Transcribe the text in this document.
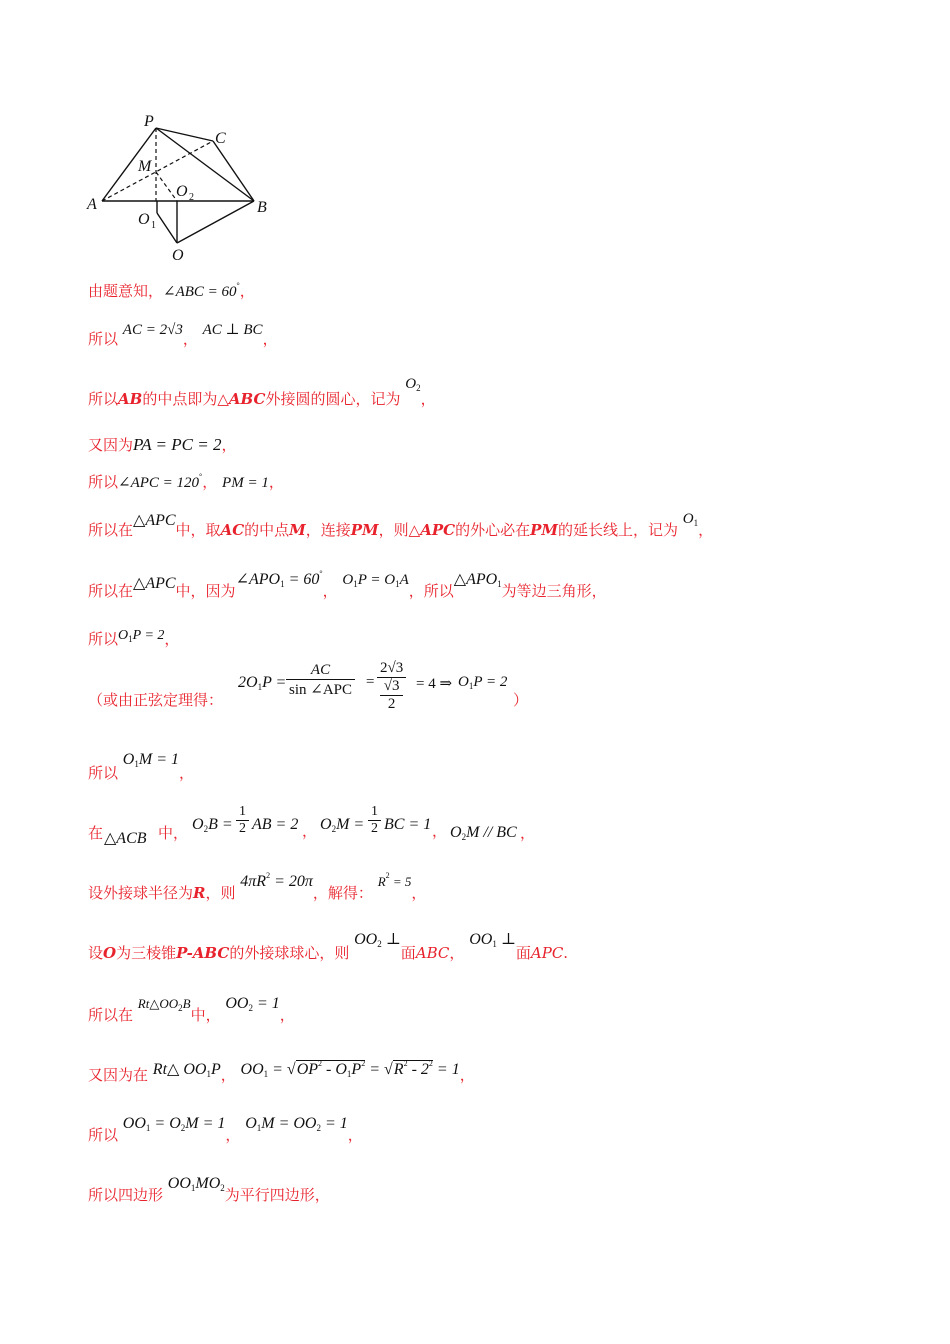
P
C
M
O 2
A	B
O 1
O
由题意知，∠ABC = 60°，
所以 AC = 2√3， AC ⊥ BC，
所以AB的中点即为△ABC外接圆的圆心，记为 $O_2$，
又因为PA = PC = 2，
所以∠APC = 120°， PM = 1，
所以在△APC中，取AC的中点M，连接PM，则△APC的外心必在PM的延长线上，记为 $O_1$，
所以在△APC中，因为$\angle APO_1 = 60^\circ$， $O_1P = O_1A$，所以$\triangle APO_1$为等边三角形，
所以$O_1P = 2$，
（或由正弦定理得：
$2O_1P = \frac{AC}{\text{sin ∠APC}} = 2√3$
√3
2 = 4 ⇒ $O_1P = 2$
）
所以 $O_1M = 1$，
在 △ACB 中， $O_2B = \frac{1}{2}$ AB = 2 ， $O_2M = \frac{1}{2}$ BC = 1 ， $O_2M$ // BC ，
设外接球半径为R，则 $4\pi R^2 = 20\pi$，解得： $R^2 = 5$，
设O为三棱锥P-ABC的外接球球心，则 $OO_2$ ⊥面ABC， $OO_1$ ⊥面APC.
所以在 $Rt\triangle OO_2B$中， $OO_2 = 1$，
又因为在 Rt△ $OO_1P$， $OO_1 = √OP^2 - O_1P^2 = √R^2 - 2^2 = 1$，
所以 $OO_1 = O_2M = 1$， $O_1M = OO_2 = 1$，
所以四边形 $OO_1MO_2$为平行四边形，
